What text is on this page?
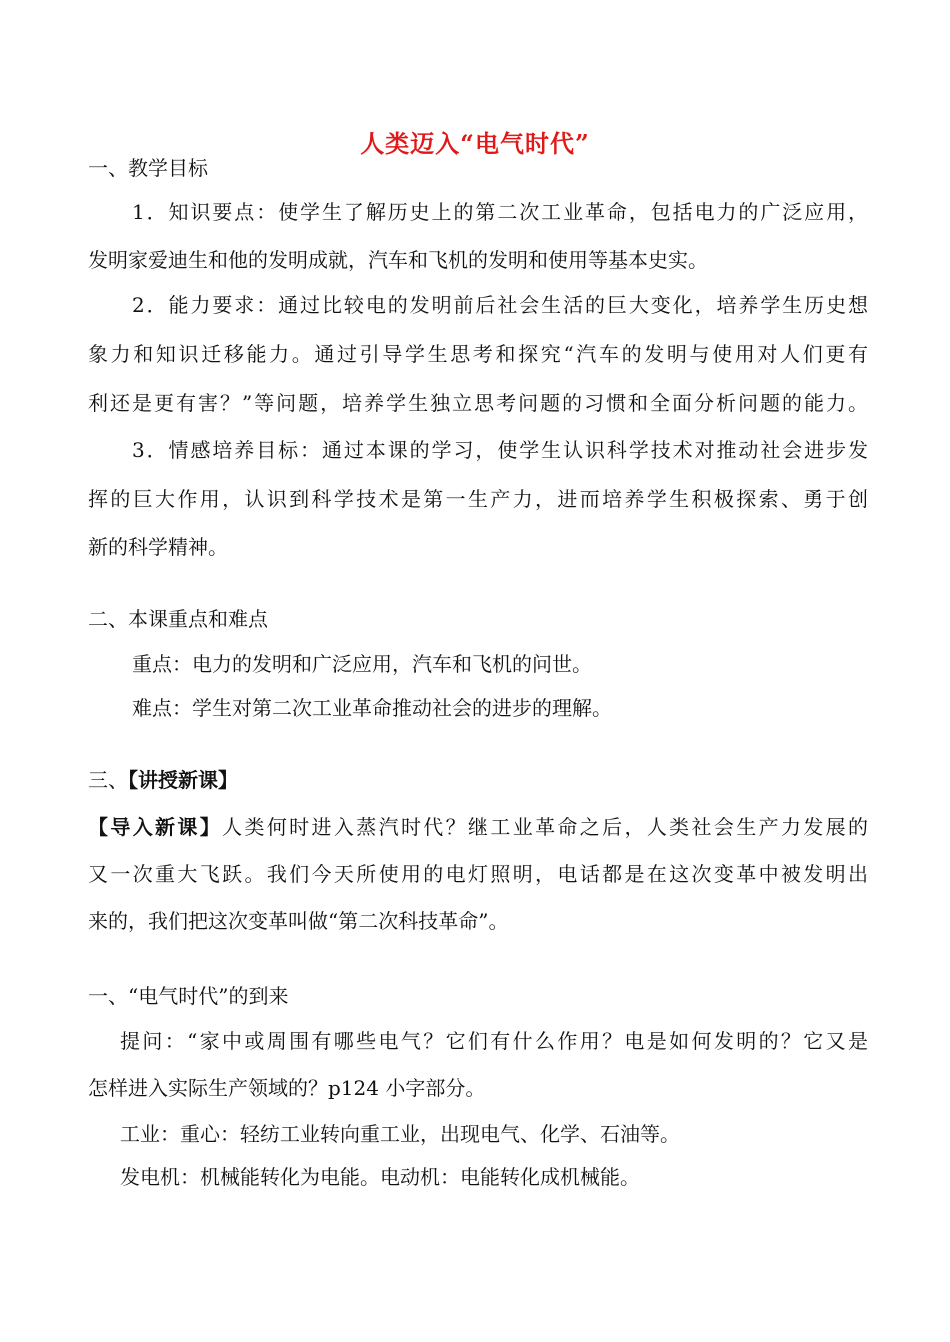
人类迈入“电气时代”
一、教学目标
1．知识要点：使学生了解历史上的第二次工业革命，包括电力的广泛应用，
发明家爱迪生和他的发明成就，汽车和飞机的发明和使用等基本史实。
2．能力要求：通过比较电的发明前后社会生活的巨大变化，培养学生历史想
象力和知识迁移能力。通过引导学生思考和探究“汽车的发明与使用对人们更有
利还是更有害？”等问题，培养学生独立思考问题的习惯和全面分析问题的能力。
3．情感培养目标：通过本课的学习，使学生认识科学技术对推动社会进步发
挥的巨大作用，认识到科学技术是第一生产力，进而培养学生积极探索、勇于创
新的科学精神。
二、本课重点和难点
重点：电力的发明和广泛应用，汽车和飞机的问世。
难点：学生对第二次工业革命推动社会的进步的理解。
三、【讲授新课】
【导入新课】人类何时进入蒸汽时代？继工业革命之后，人类社会生产力发展的
又一次重大飞跃。我们今天所使用的电灯照明，电话都是在这次变革中被发明出
来的，我们把这次变革叫做“第二次科技革命”。
一、“电气时代”的到来
提问：“家中或周围有哪些电气？它们有什么作用？电是如何发明的？它又是
怎样进入实际生产领域的？p124 小字部分。
工业：重心：轻纺工业转向重工业，出现电气、化学、石油等。
发电机：机械能转化为电能。电动机：电能转化成机械能。
